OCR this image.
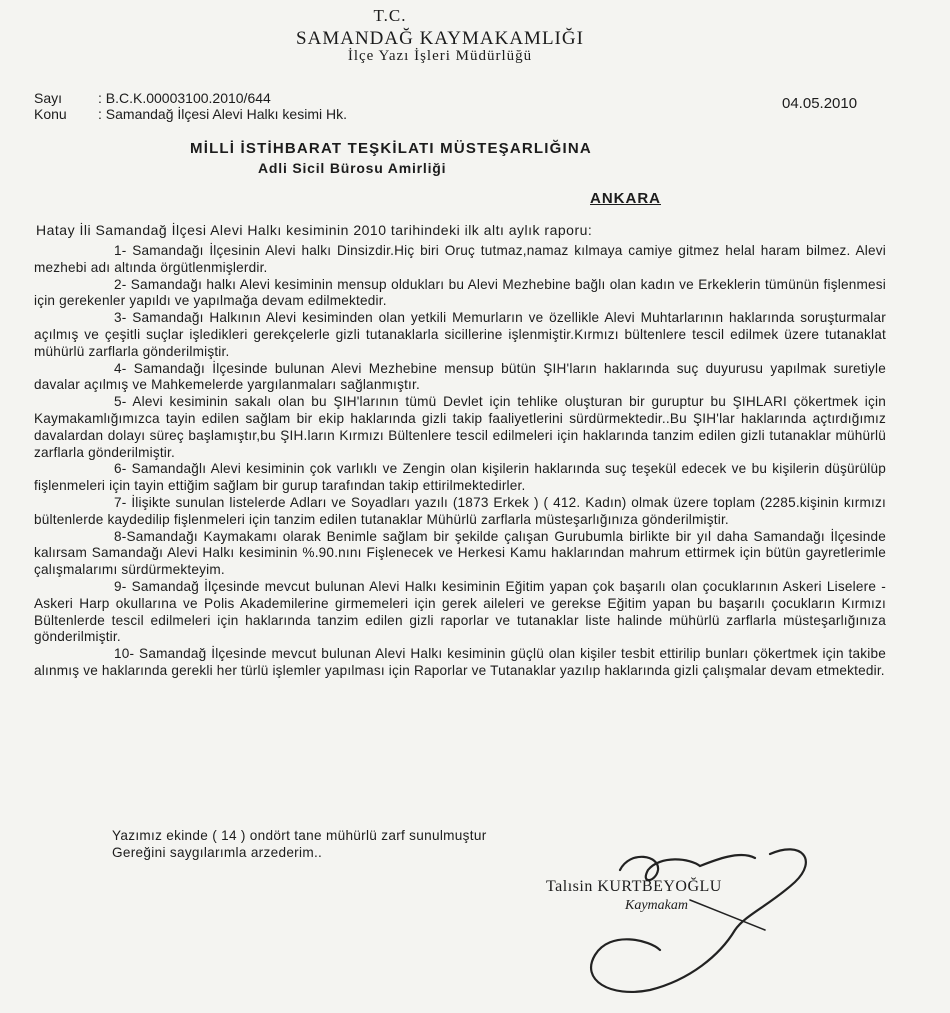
T.C.
SAMANDAĞ KAYMAKAMLIĞI
İlçe Yazı İşleri Müdürlüğü
Sayı	: B.C.K.00003100.2010/644
Konu : Samandağ İlçesi Alevi Halkı kesimi Hk.
04.05.2010
MİLLİ İSTİHBARAT TEŞKİLATI MÜSTEŞARLIĞINA
Adli Sicil Bürosu Amirliği
ANKARA
Hatay İli Samandağ İlçesi Alevi Halkı kesiminin 2010 tarihindeki ilk altı aylık raporu:

1- Samandağı İlçesinin Alevi halkı Dinsizdir.Hiç biri Oruç tutmaz,namaz kılmaya camiye gitmez helal haram bilmez. Alevi mezhebi adı altında örgütlenmişlerdir.

2- Samandağı halkı Alevi kesiminin mensup oldukları bu Alevi Mezhebine bağlı olan kadın ve Erkeklerin tümünün fişlenmesi için gerekenler yapıldı ve yapılmağa devam edilmektedir.

3- Samandağı Halkının Alevi kesiminden olan yetkili Memurların ve özellikle Alevi Muhtarlarının haklarında soruşturmalar açılmış ve çeşitli suçlar işledikleri gerekçelerle gizli tutanaklarla sicillerine işlenmiştir.Kırmızı bültenlere tescil edilmek üzere tutanaklat mühürlü zarflarla gönderilmiştir.

4- Samandağı İlçesinde bulunan Alevi Mezhebine mensup bütün ŞIH'ların haklarında suç duyurusu yapılmak suretiyle davalar açılmış ve Mahkemelerde yargılanmaları sağlanmıştır.

5- Alevi kesiminin sakalı olan bu ŞIH'larının tümü Devlet için tehlike oluşturan bir guruptur bu ŞIHLARI çökertmek için Kaymakamlığımızca tayin edilen sağlam bir ekip haklarında gizli takip faaliyetlerini sürdürmektedir..Bu ŞIH'lar haklarında açtırdığımız davalardan dolayı süreç başlamıştır,bu ŞIH.ların Kırmızı Bültenlere tescil edilmeleri için haklarında tanzim edilen gizli tutanaklar mühürlü zarflarla gönderilmiştir.

6- Samandağlı Alevi kesiminin çok varlıklı ve Zengin olan kişilerin haklarında suç teşekül edecek ve bu kişilerin düşürülüp fişlenmeleri için tayin ettiğim sağlam bir gurup tarafından takip ettirilmektedirler.

7- İlişikte sunulan listelerde Adları ve Soyadları yazılı (1873 Erkek ) ( 412. Kadın) olmak üzere toplam (2285.kişinin kırmızı bültenlerde kaydedilip fişlenmeleri için tanzim edilen tutanaklar Mühürlü zarflarla müsteşarlığınıza gönderilmiştir.

8-Samandağı Kaymakamı olarak Benimle sağlam bir şekilde çalışan Gurubumla birlikte bir yıl daha Samandağı İlçesinde kalırsam Samandağı Alevi Halkı kesiminin %.90.nını Fişlenecek ve Herkesi Kamu haklarından mahrum ettirmek için bütün gayretlerimle çalışmalarımı sürdürmekteyim.

9- Samandağ İlçesinde mevcut bulunan Alevi Halkı kesiminin Eğitim yapan çok başarılı olan çocuklarının Askeri Liselere - Askeri Harp okullarına ve Polis Akademilerine girmemeleri için gerek aileleri ve gerekse Eğitim yapan bu başarılı çocukların Kırmızı Bültenlerde tescil edilmeleri için haklarında tanzim edilen gizli raporlar ve tutanaklar liste halinde mühürlü zarflarla müsteşarlığınıza gönderilmiştir.

10- Samandağ İlçesinde mevcut bulunan Alevi Halkı kesiminin güçlü olan kişiler tesbit ettirilip bunları çökertmek için takibe alınmış ve haklarında gerekli her türlü işlemler yapılması için Raporlar ve Tutanaklar yazılıp haklarında gizli çalışmalar devam etmektedir.

Yazımız ekinde ( 14 ) ondört tane mühürlü zarf sunulmuştur
Gereğini saygılarımla arzederim..
Talısin KURTBEYOĞLU
Kaymakam
